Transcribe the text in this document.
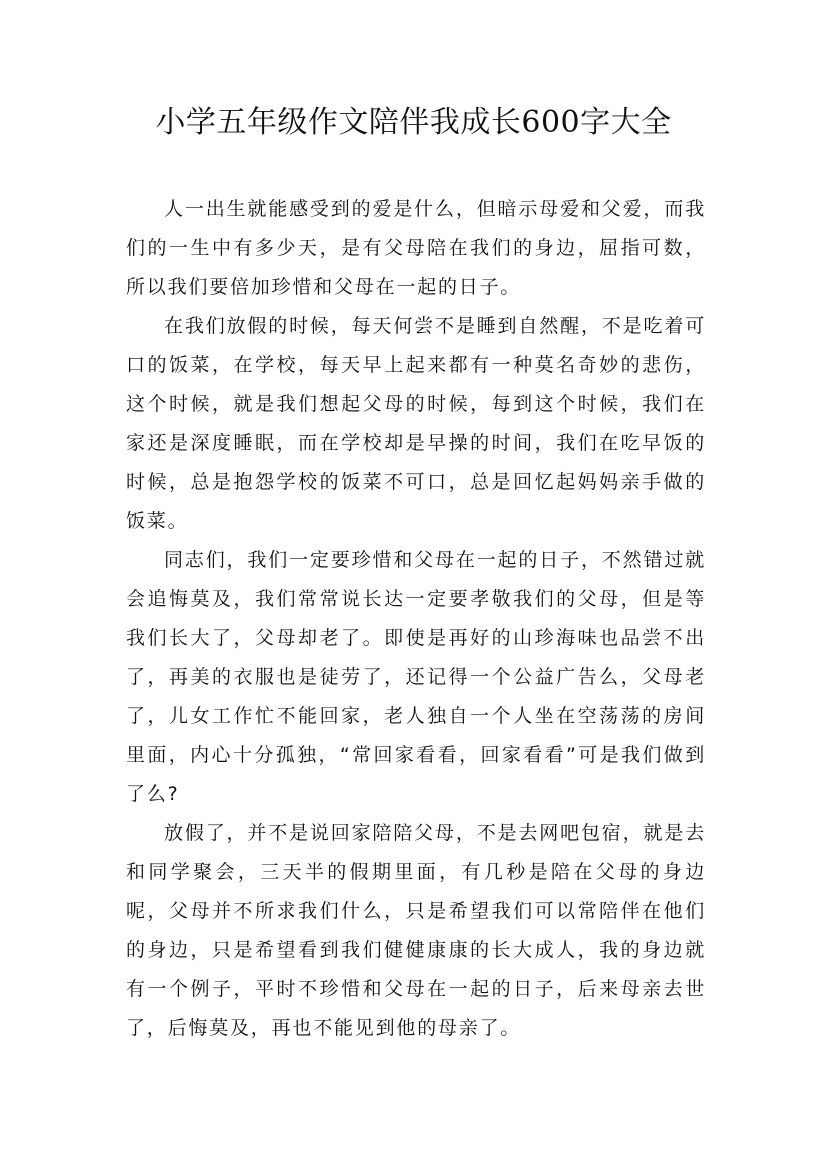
小学五年级作文陪伴我成长600字大全

人一出生就能感受到的爱是什么，但暗示母爱和父爱，而我们的一生中有多少天，是有父母陪在我们的身边，屈指可数，所以我们要倍加珍惜和父母在一起的日子。

在我们放假的时候，每天何尝不是睡到自然醒，不是吃着可口的饭菜，在学校，每天早上起来都有一种莫名奇妙的悲伤，这个时候，就是我们想起父母的时候，每到这个时候，我们在家还是深度睡眠，而在学校却是早操的时间，我们在吃早饭的时候，总是抱怨学校的饭菜不可口，总是回忆起妈妈亲手做的饭菜。

同志们，我们一定要珍惜和父母在一起的日子，不然错过就会追悔莫及，我们常常说长达一定要孝敬我们的父母，但是等我们长大了，父母却老了。即使是再好的山珍海味也品尝不出了，再美的衣服也是徒劳了，还记得一个公益广告么，父母老了，儿女工作忙不能回家，老人独自一个人坐在空荡荡的房间里面，内心十分孤独，“常回家看看，回家看看”可是我们做到了么?

放假了，并不是说回家陪陪父母，不是去网吧包宿，就是去和同学聚会，三天半的假期里面，有几秒是陪在父母的身边呢，父母并不所求我们什么，只是希望我们可以常陪伴在他们的身边，只是希望看到我们健健康康的长大成人，我的身边就有一个例子，平时不珍惜和父母在一起的日子，后来母亲去世了，后悔莫及，再也不能见到他的母亲了。
